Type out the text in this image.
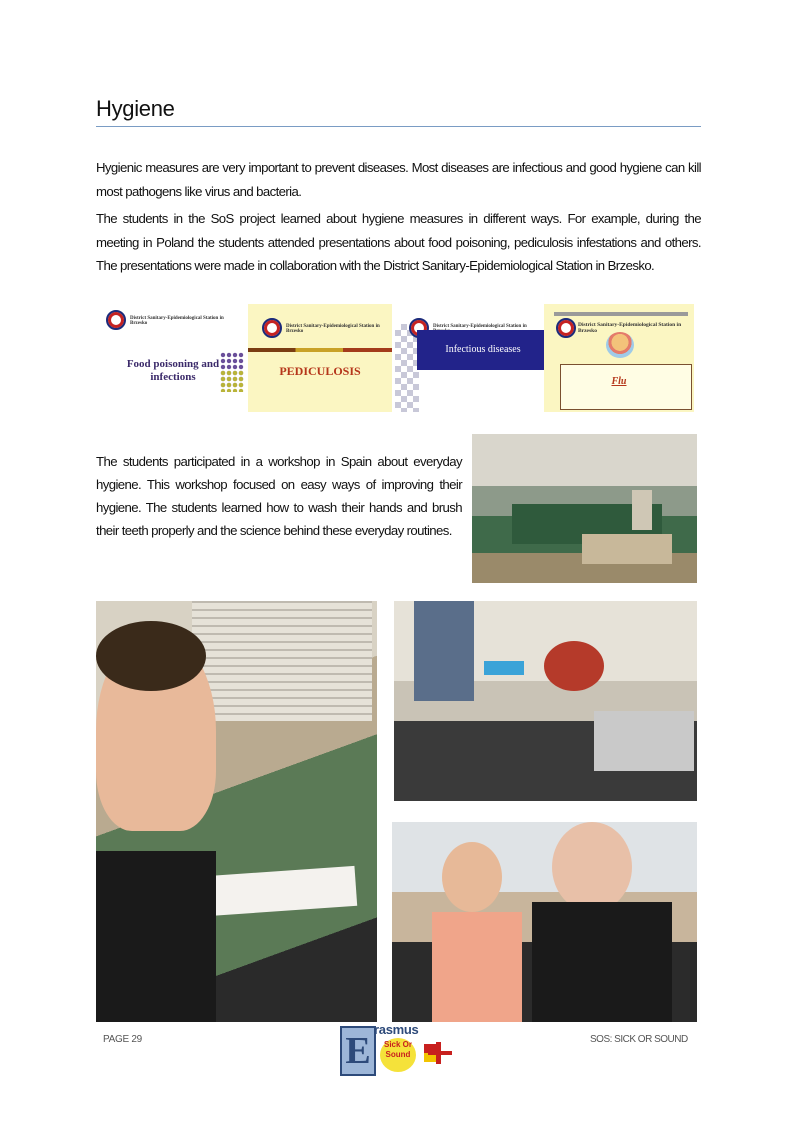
Hygiene
Hygienic measures are very important to prevent diseases. Most diseases are infectious and good hygiene can kill most pathogens like virus and bacteria.
The students in the SoS project learned about hygiene measures in different ways. For example, during the meeting in Poland the students attended presentations about food poisoning, pediculosis infestations and others. The presentations were made in collaboration with the District Sanitary-Epidemiological Station in Brzesko.
District Sanitary-Epidemiological Station in Brzesko
Food poisoning and infections
District Sanitary-Epidemiological Station in Brzesko
PEDICULOSIS
District Sanitary-Epidemiological Station in
Infectious diseases
District Sanitary-Epidemiological Station in Brzesko
Flu
The students participated in a workshop in Spain about everyday hygiene. This workshop focused on easy ways of improving their hygiene. The students learned how to wash their hands and brush their teeth properly and the science behind these everyday routines.
PAGE 29	E
rasmus
Sick Or Sound
SOS: SICK OR SOUND
